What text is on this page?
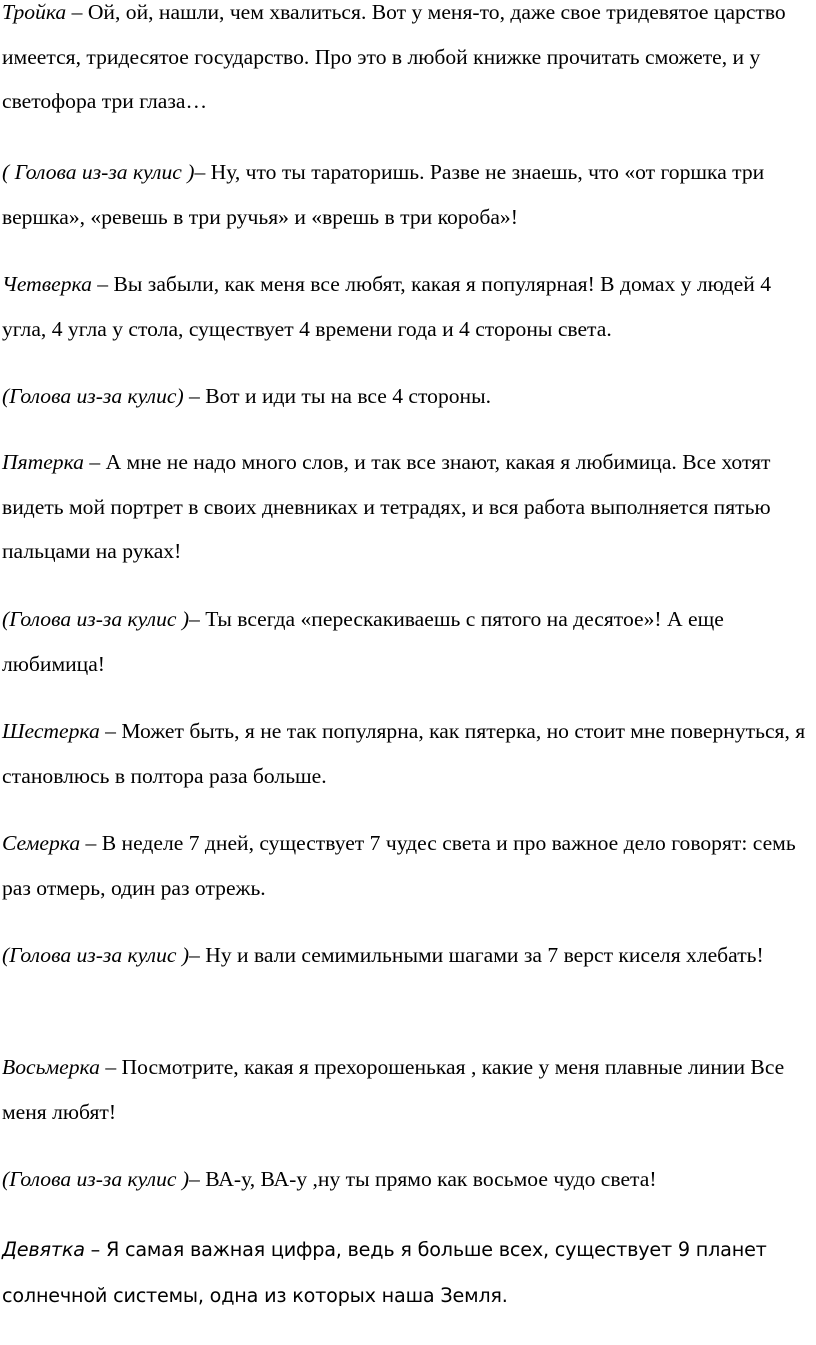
Тройка – Ой, ой, нашли, чем хвалиться. Вот у меня-то, даже свое тридевятое царство имеется, тридесятое государство. Про это в любой книжке прочитать сможете, и у светофора три глаза…

( Голова из-за кулис )– Ну, что ты тараторишь. Разве не знаешь, что «от горшка три вершка», «ревешь в три ручья» и «врешь в три короба»!

Четверка – Вы забыли, как меня все любят, какая я популярная! В домах у людей 4 угла, 4 угла у стола, существует 4 времени года и 4 стороны света.

(Голова из-за кулис) – Вот и иди ты на все 4 стороны.

Пятерка – А мне не надо много слов, и так все знают, какая я любимица. Все хотят видеть мой портрет в своих дневниках и тетрадях, и вся работа выполняется пятью пальцами на руках!

(Голова из-за кулис )– Ты всегда «перескакиваешь с пятого на десятое»! А еще любимица!

Шестерка – Может быть, я не так популярна, как пятерка, но стоит мне повернуться, я становлюсь в полтора раза больше.

Семерка – В неделе 7 дней, существует 7 чудес света и про важное дело говорят: семь раз отмерь, один раз отрежь.

(Голова из-за кулис )– Ну и вали семимильными шагами за 7 верст киселя хлебать!

Восьмерка – Посмотрите, какая я прехорошенькая , какие у меня плавные линии Все меня любят!

(Голова из-за кулис )– ВА-у, ВА-у ,ну ты прямо как восьмое чудо света!

Девятка – Я самая важная цифра, ведь я больше всех, существует 9 планет солнечной системы, одна из которых наша Земля.
